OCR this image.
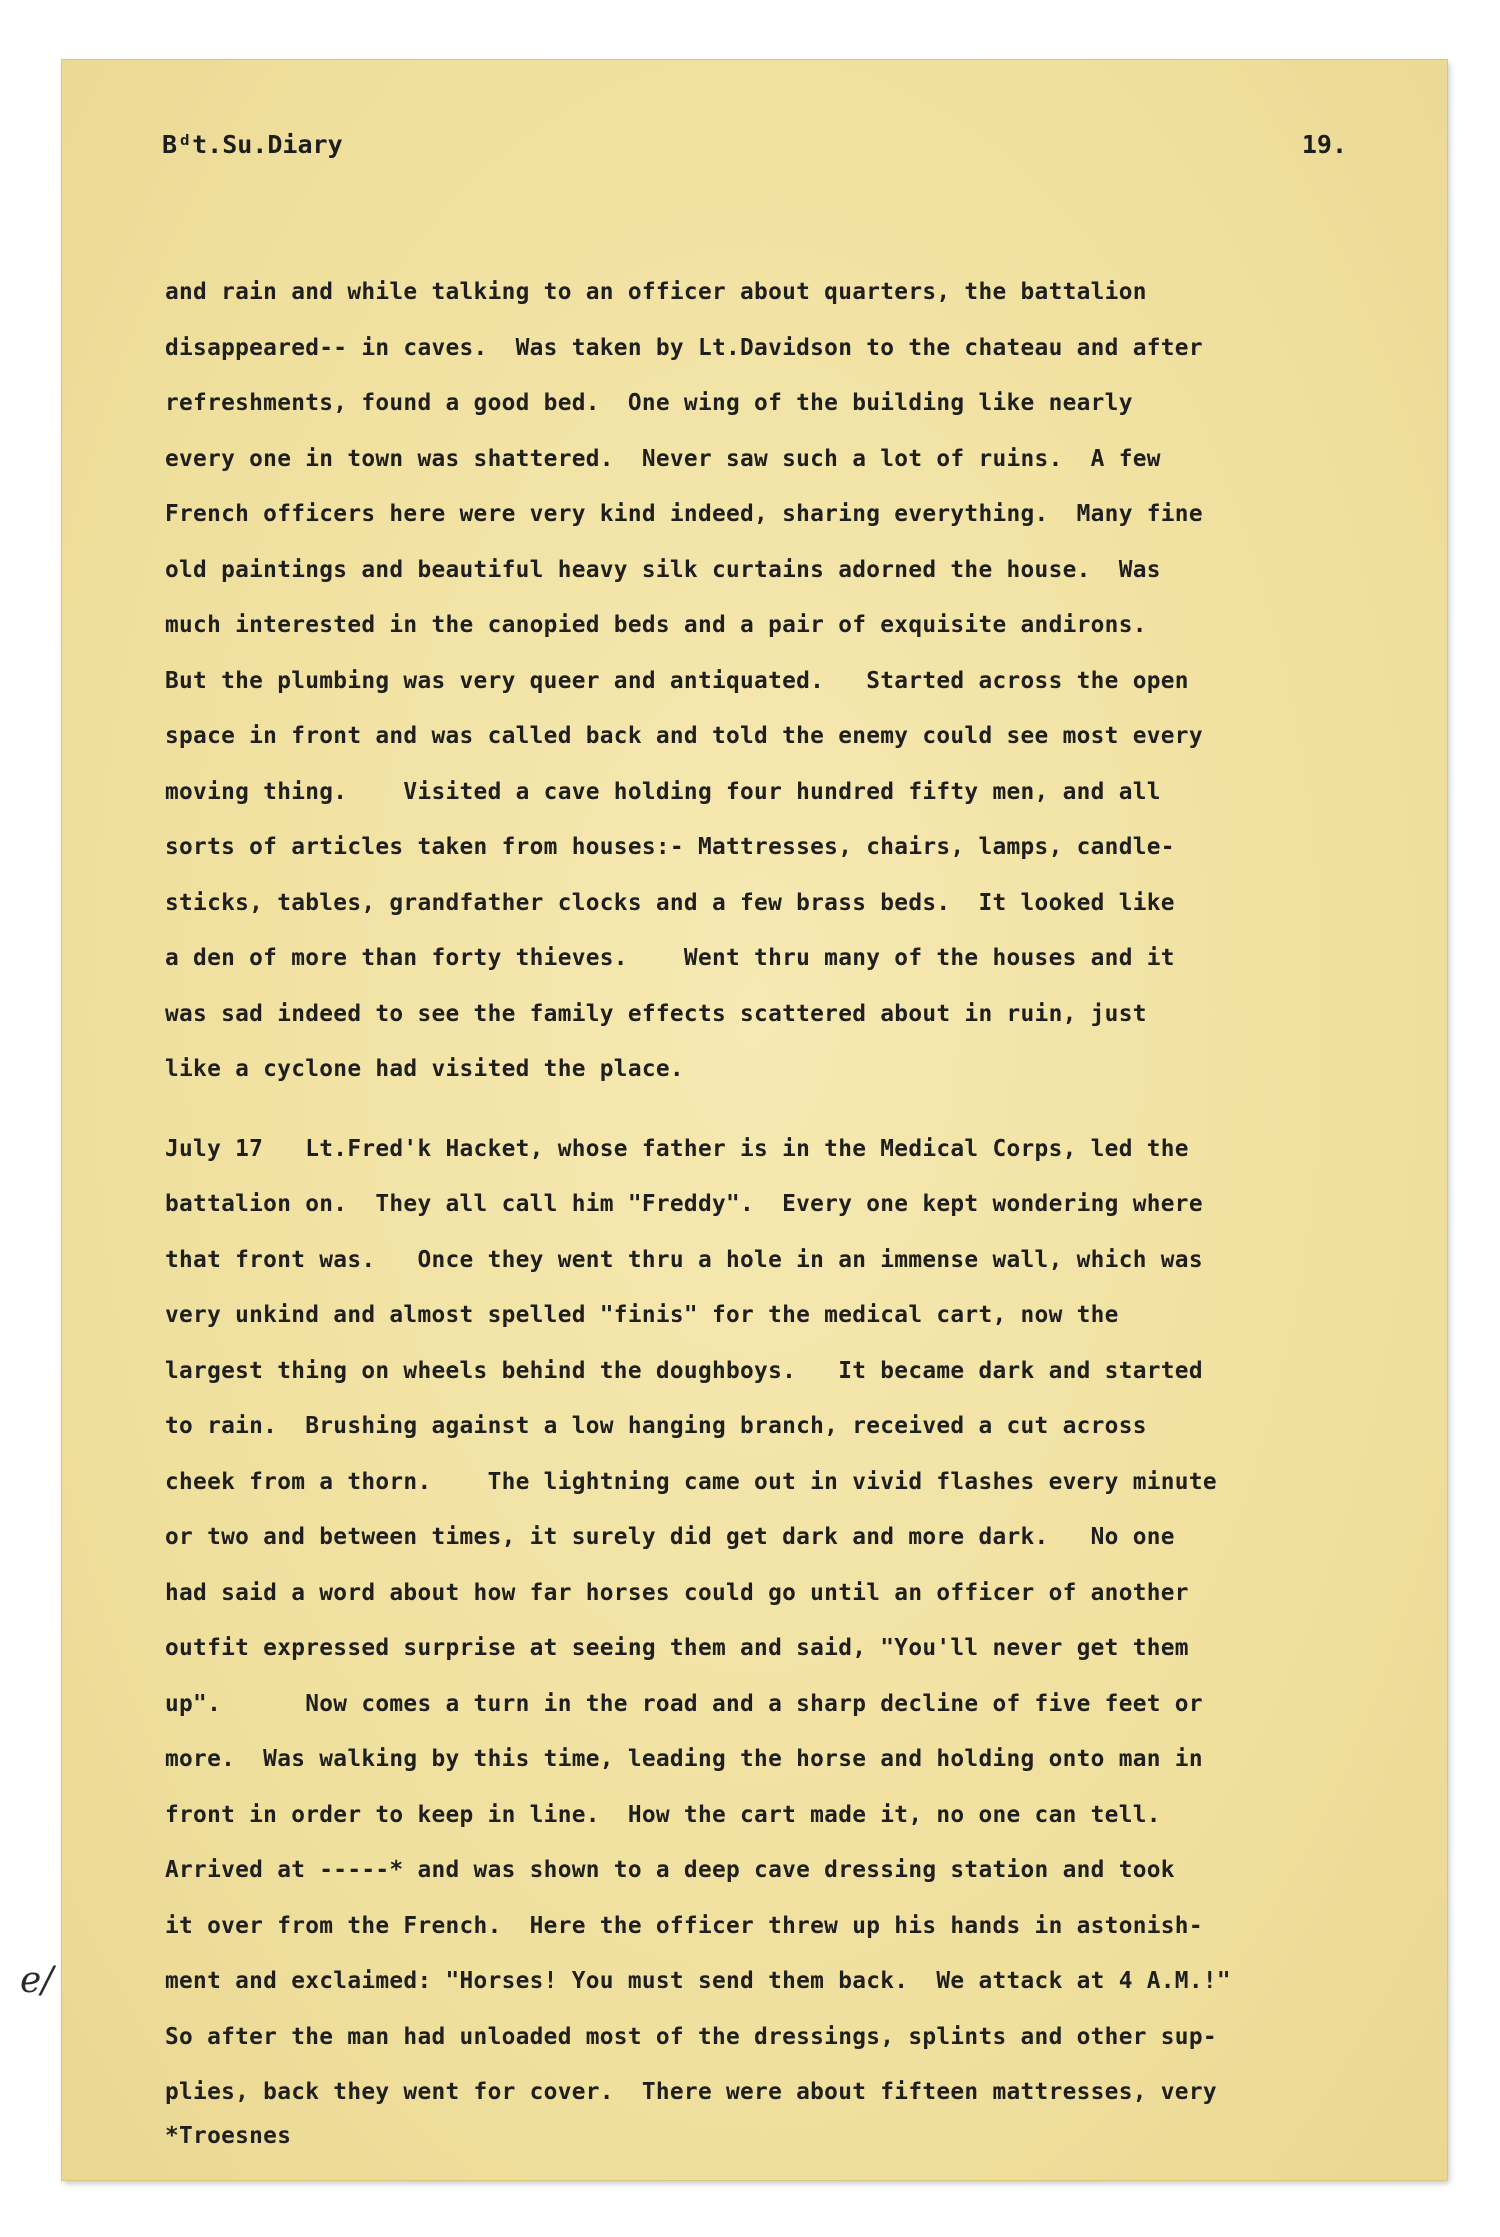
Bᵈt.Su.Diary	19.
and rain and while talking to an officer about quarters, the battalion
disappeared-- in caves.  Was taken by Lt.Davidson to the chateau and after
refreshments, found a good bed.  One wing of the building like nearly
every one in town was shattered.  Never saw such a lot of ruins.  A few
French officers here were very kind indeed, sharing everything.  Many fine
old paintings and beautiful heavy silk curtains adorned the house.  Was
much interested in the canopied beds and a pair of exquisite andirons.
But the plumbing was very queer and antiquated.   Started across the open
space in front and was called back and told the enemy could see most every
moving thing.    Visited a cave holding four hundred fifty men, and all
sorts of articles taken from houses:- Mattresses, chairs, lamps, candle-
sticks, tables, grandfather clocks and a few brass beds.  It looked like
a den of more than forty thieves.    Went thru many of the houses and it
was sad indeed to see the family effects scattered about in ruin, just
like a cyclone had visited the place.
July 17   Lt.Fred'k Hacket, whose father is in the Medical Corps, led the
battalion on.  They all call him "Freddy".  Every one kept wondering where
that front was.   Once they went thru a hole in an immense wall, which was
very unkind and almost spelled "finis" for the medical cart, now the
largest thing on wheels behind the doughboys.   It became dark and started
to rain.  Brushing against a low hanging branch, received a cut across
cheek from a thorn.    The lightning came out in vivid flashes every minute
or two and between times, it surely did get dark and more dark.   No one
had said a word about how far horses could go until an officer of another
outfit expressed surprise at seeing them and said, "You'll never get them
up".      Now comes a turn in the road and a sharp decline of five feet or
more.  Was walking by this time, leading the horse and holding onto man in
front in order to keep in line.  How the cart made it, no one can tell.
Arrived at -----* and was shown to a deep cave dressing station and took
it over from the French.  Here the officer threw up his hands in astonish-
ment and exclaimed: "Horses! You must send them back.  We attack at 4 A.M.!"
So after the man had unloaded most of the dressings, splints and other sup-
plies, back they went for cover.  There were about fifteen mattresses, very
*Troesnes
e/
